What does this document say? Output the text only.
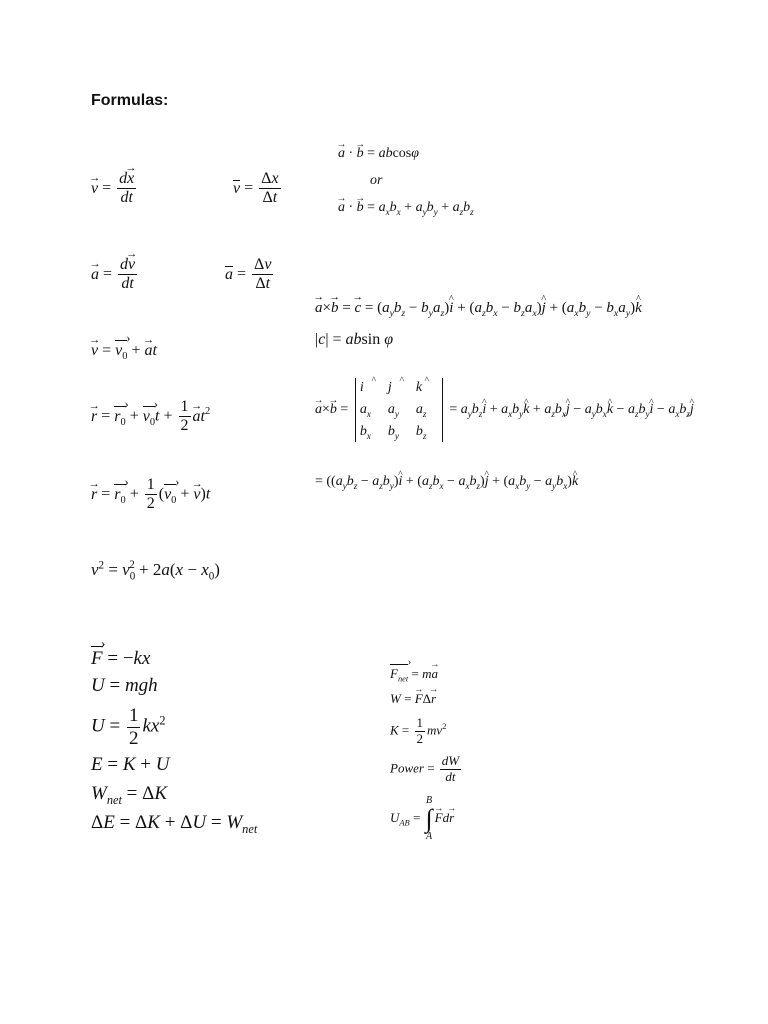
Formulas:
→ a · → b = abcosφ
or
→ a · → $b = a_xb_x + a_yb_y + a_zb_z$
→ $v = \frac{d\to x}{dt}$	$v = \frac{\Delta x}{\Delta t}$
→ $a = \frac{d\to v}{dt}$	$a = \frac{\Delta v}{\Delta t}$
→ a×→ b = → $c = (a_yb_z$ − $b_ya_z)\^{}$ $i + (a_zb_x$ − $b_za_x)\^{}$ $j + (a_xb_y$ − $b_xa_y)\^{}$ k
|c| = absin φ
→ $v = v_0$ › + → at
→ a×→ b =
^ i
^	j
^	k
$a_x$	$a_y$	$a_z$
$b_x$	$b_y$	$b_z$
= $a_yb_z\^{}$ $i + a_xb_y\^{}$ $k + a_zb_x\^{}$ $j - a_yb_x\^{}$ $k - a_zb_y\^{}$ $i - a_xb_z\^{}$ j
→ $r = r_0$ › + $v_0$ ›t + $\frac{1}{2}$
→ $at^2$
= (($a_yb_z$ − $a_zb_y)\^{}$ $i + (a_zb_x$ − $a_xb_z)\^{}$ $j + (a_xb_y$ − $a_yb_x)\^{}$ k
→ $r = r_0$ › + $\frac{1}{2} (v_0$ › + → v)t
$v^2 = v_0^2 + 2a(x - x_0)$
F › = −kx
U = mgh
$U = \frac{1}{2} kx^2$
E = K + U
$W_{net} = \Delta K$
$\Delta E = \Delta K + \Delta U = W_{net}$
$F_{net}$ › = m→ a
W = → FΔ→ r
$K = \frac{1}{2} mv^2$
Power = $\frac{dW}{dt}$
$U_{AB}$ =
B
∫
A
→ Fd→ r
